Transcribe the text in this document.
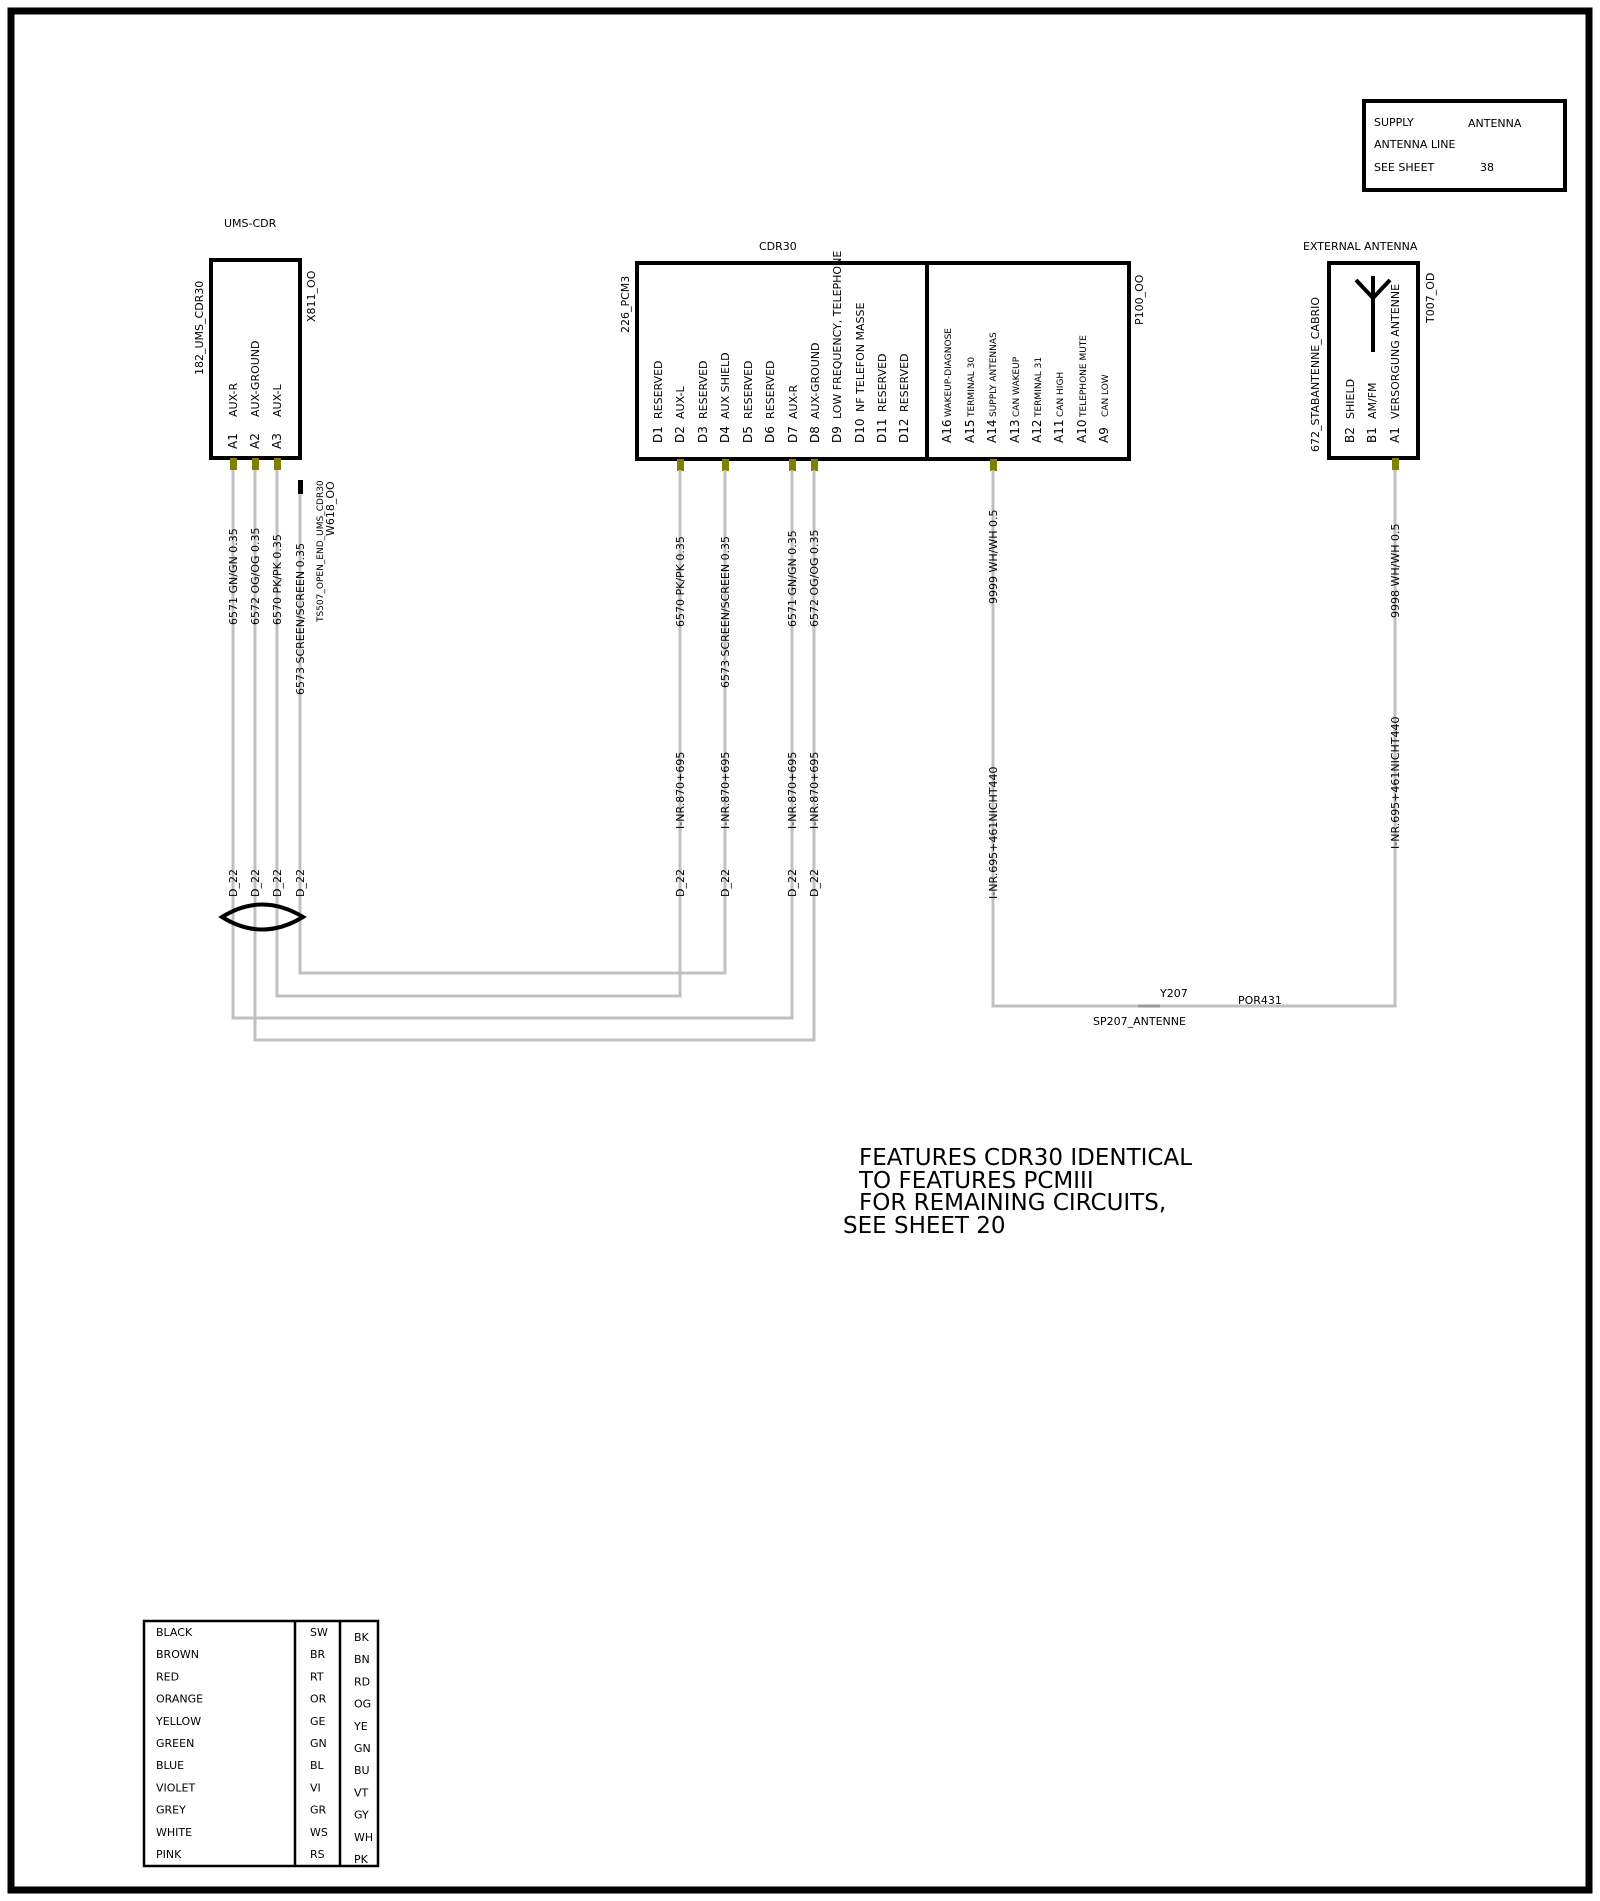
SUPPLY	ANTENNA
ANTENNA LINE
SEE SHEET	38
UMS-CDR
182_UMS_CDR30	X811_OO
A1
AUX-R
A2
AUX-GROUND
A3
AUX-L
W618_OO
TS507_OPEN_END_UMS_CDR30
CDR30
226_PCM3	P100_OO
D1
RESERVED
D2
AUX-L
D3
RESERVED
D4
AUX SHIELD
D5
RESERVED
D6
RESERVED
D7
AUX-R
D8
AUX-GROUND
D9
LOW FREQUENCY, TELEPHONE
D10
NF TELEFON MASSE
D11
RESERVED
D12
RESERVED
A16
WAKEUP-DIAGNOSE
A15
TERMINAL 30
A14
SUPPLY ANTENNAS
A13
CAN WAKEUP
A12
TERMINAL 31
A11
CAN HIGH
A10
TELEPHONE MUTE
A9
CAN LOW
EXTERNAL ANTENNA
672_STABANTENNE_CABRIO	T007_OD
B2
SHIELD
B1
AM/FM
A1
VERSORGUNG ANTENNE
6571 GN/GN 0.35 6572 OG/OG 0.35 6570 PK/PK 0.35 6573 SCREEN/SCREEN 0.35
D_22 D_22 D_22 D_22
6570 PK/PK 0.35	6573 SCREEN/SCREEN 0.35	6571 GN/GN 0.35 6572 OG/OG 0.35	9999 WH/WH 0.5
I-NR.870+695	I-NR.870+695	I-NR.870+695 I-NR.870+695	I-NR.695+461NICHT440
D_22	D_22	D_22 D_22
9998 WH/WH 0.5
I-NR.695+461NICHT440
Y207
POR431
SP207_ANTENNE
FEATURES CDR30 IDENTICAL
TO FEATURES PCMIII
FOR REMAINING CIRCUITS,
SEE SHEET 20
BLACK	SW BK
BROWN	BR	BN
RED	RT	RD
ORANGE	OR	OG
YELLOW	GE	YE
GREEN	GN GN
BLUE	BL	BU
VIOLET	VI	VT
GREY	GR	GY
WHITE	WS WH
PINK	RS	PK
